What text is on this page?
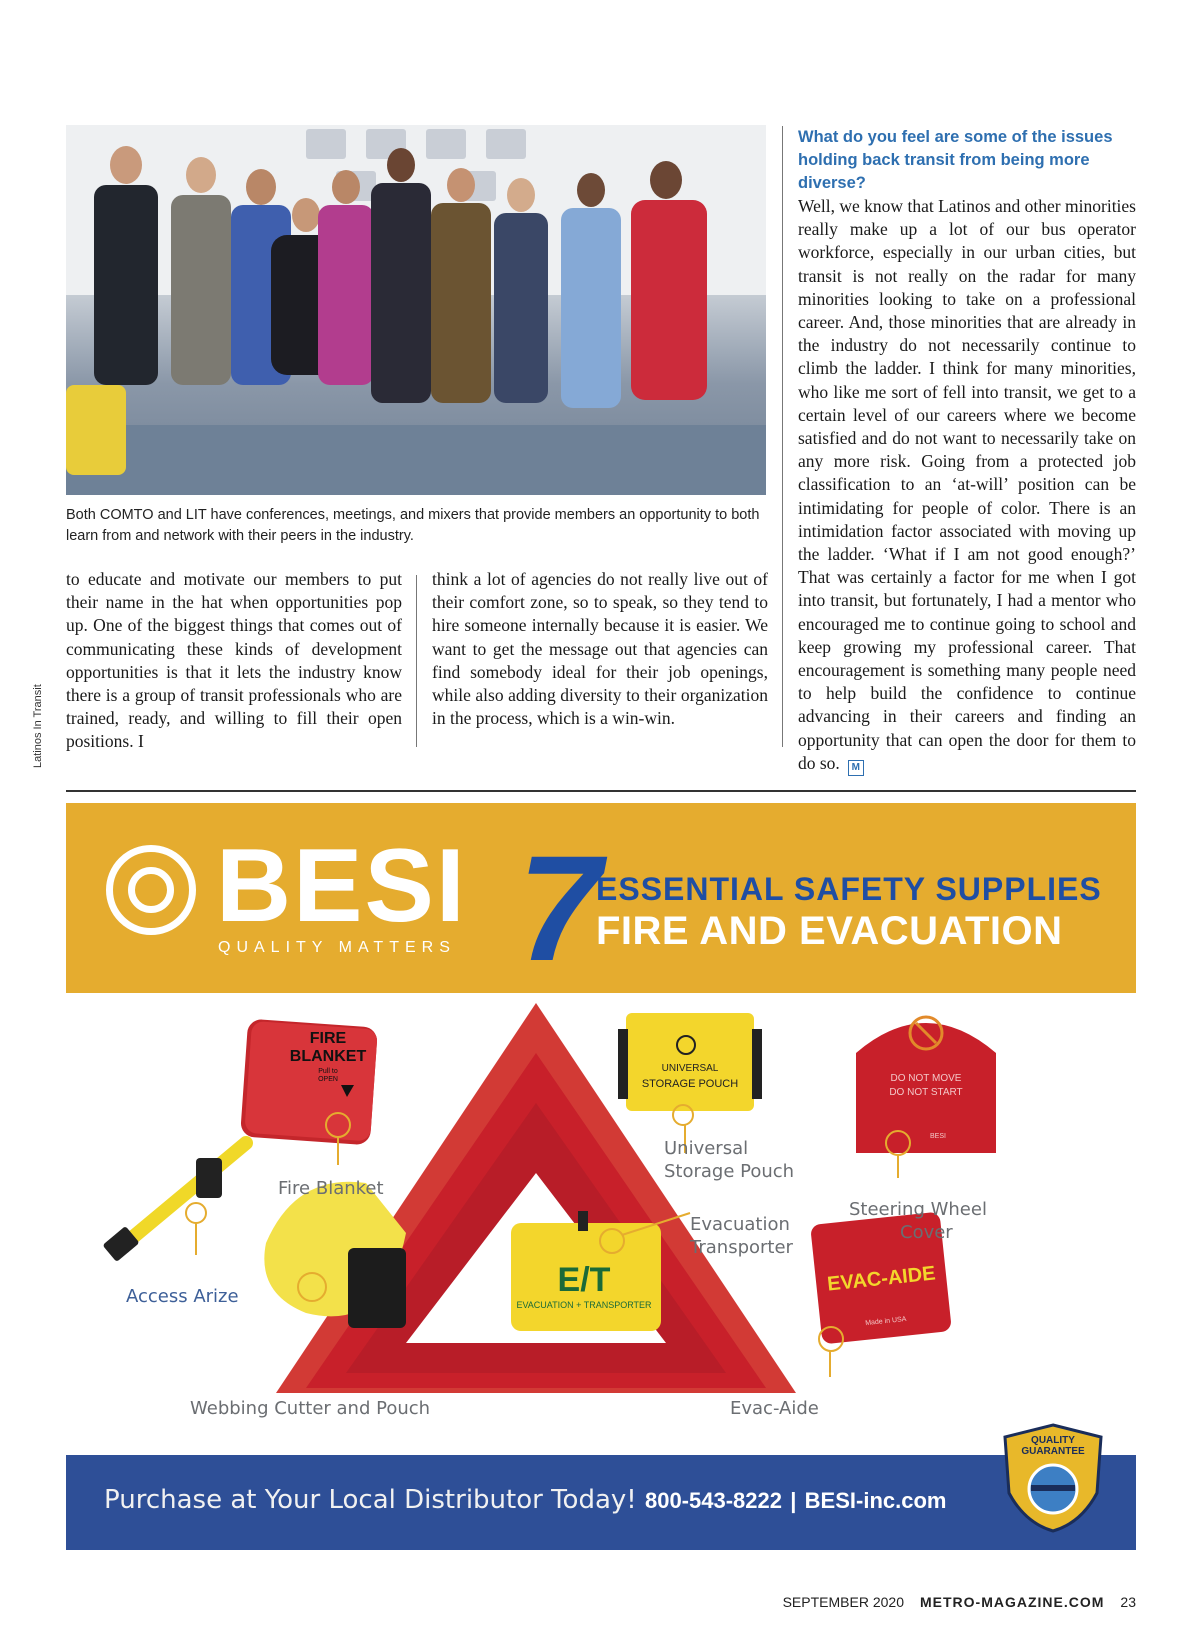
Both COMTO and LIT have conferences, meetings, and mixers that provide members an opportunity to both learn from and network with their peers in the industry.
Latinos In Transit
to educate and motivate our members to put their name in the hat when opportunities pop up. One of the biggest things that comes out of communicating these kinds of development opportunities is that it lets the industry know there is a group of transit professionals who are trained, ready, and willing to fill their open positions. I
think a lot of agencies do not really live out of their comfort zone, so to speak, so they tend to hire someone internally because it is easier. We want to get the message out that agencies can find somebody ideal for their job openings, while also adding diversity to their organization in the process, which is a win-win.
What do you feel are some of the issues holding back transit from being more diverse?
Well, we know that Latinos and other minorities really make up a lot of our bus operator workforce, especially in our urban cities, but transit is not really on the radar for many minorities looking to take on a professional career. And, those minorities that are already in the industry do not necessarily continue to climb the ladder. I think for many minorities, who like me sort of fell into transit, we get to a certain level of our careers where we become satisfied and do not want to necessarily take on any more risk. Going from a protected job classification to an ‘at-will’ position can be intimidating for people of color. There is an intimidation factor associated with moving up the ladder. ‘What if I am not good enough?’ That was certainly a factor for me when I got into transit, but fortunately, I had a mentor who encouraged me to continue going to school and keep growing my professional career. That encouragement is something many people need to help build the confidence to continue advancing in their careers and finding an opportunity that can open the door for them to do so. M
BESI
QUALITY MATTERS 7
ESSENTIAL SAFETY SUPPLIES
FIRE AND EVACUATION
FIRE
BLANKET
Pull to
OPEN
UNIVERSAL
STORAGE POUCH	DO NOT MOVE
DO NOT START
BESI
E/T
EVACUATION + TRANSPORTER
EVAC-AIDE
Made in USA
Fire Blanket
Universal
Storage Pouch
Steering Wheel
Cover
Evacuation
Transporter
Access Arize
Webbing Cutter and Pouch	Evac-Aide
Purchase at Your Local Distributor Today! 800-543-8222 | BESI-inc.com
QUALITY
GUARANTEE
SEPTEMBER 2020 METRO-MAGAZINE.COM 23
